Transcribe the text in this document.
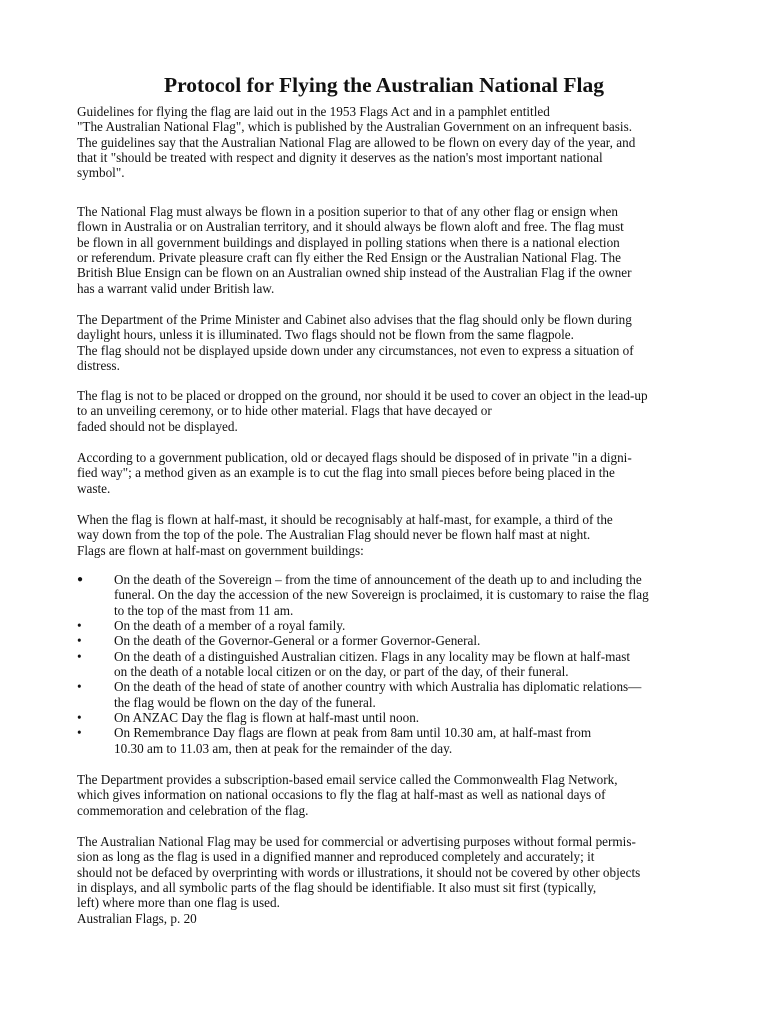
Protocol for Flying the Australian National Flag
Guidelines for flying the flag are laid out in the 1953 Flags Act and in a pamphlet entitled
"The Australian National Flag", which is published by the Australian Government on an infrequent basis.
The guidelines say that the Australian National Flag are allowed to be flown on every day of the year, and
that it "should be treated with respect and dignity it deserves as the nation's most important national
symbol".
The National Flag must always be flown in a position superior to that of any other flag or ensign when
flown in Australia or on Australian territory, and it should always be flown aloft and free. The flag must
be flown in all government buildings and displayed in polling stations when there is a national election
or referendum. Private pleasure craft can fly either the Red Ensign or the Australian National Flag. The
British Blue Ensign can be flown on an Australian owned ship instead of the Australian Flag if the owner
has a warrant valid under British law.
The Department of the Prime Minister and Cabinet also advises that the flag should only be flown during
daylight hours, unless it is illuminated. Two flags should not be flown from the same flagpole.
The flag should not be displayed upside down under any circumstances, not even to express a situation of
distress.
The flag is not to be placed or dropped on the ground, nor should it be used to cover an object in the lead-up
to an unveiling ceremony, or to hide other material. Flags that have decayed or
faded should not be displayed.
According to a government publication, old or decayed flags should be disposed of in private "in a digni-
fied way"; a method given as an example is to cut the flag into small pieces before being placed in the
waste.
When the flag is flown at half-mast, it should be recognisably at half-mast, for example, a third of the
way down from the top of the pole. The Australian Flag should never be flown half mast at night.
Flags are flown at half-mast on government buildings:
● On the death of the Sovereign – from the time of announcement of the death up to and including the
funeral. On the day the accession of the new Sovereign is proclaimed, it is customary to raise the flag
to the top of the mast from 11 am.
• On the death of a member of a royal family.
• On the death of the Governor-General or a former Governor-General.
• On the death of a distinguished Australian citizen. Flags in any locality may be flown at half-mast
on the death of a notable local citizen or on the day, or part of the day, of their funeral.
• On the death of the head of state of another country with which Australia has diplomatic relations—
the flag would be flown on the day of the funeral.
• On ANZAC Day the flag is flown at half-mast until noon.
• On Remembrance Day flags are flown at peak from 8am until 10.30 am, at half-mast from
10.30 am to 11.03 am, then at peak for the remainder of the day.
The Department provides a subscription-based email service called the Commonwealth Flag Network,
which gives information on national occasions to fly the flag at half-mast as well as national days of
commemoration and celebration of the flag.
The Australian National Flag may be used for commercial or advertising purposes without formal permis-
sion as long as the flag is used in a dignified manner and reproduced completely and accurately; it
should not be defaced by overprinting with words or illustrations, it should not be covered by other objects
in displays, and all symbolic parts of the flag should be identifiable. It also must sit first (typically,
left) where more than one flag is used.
Australian Flags, p. 20
